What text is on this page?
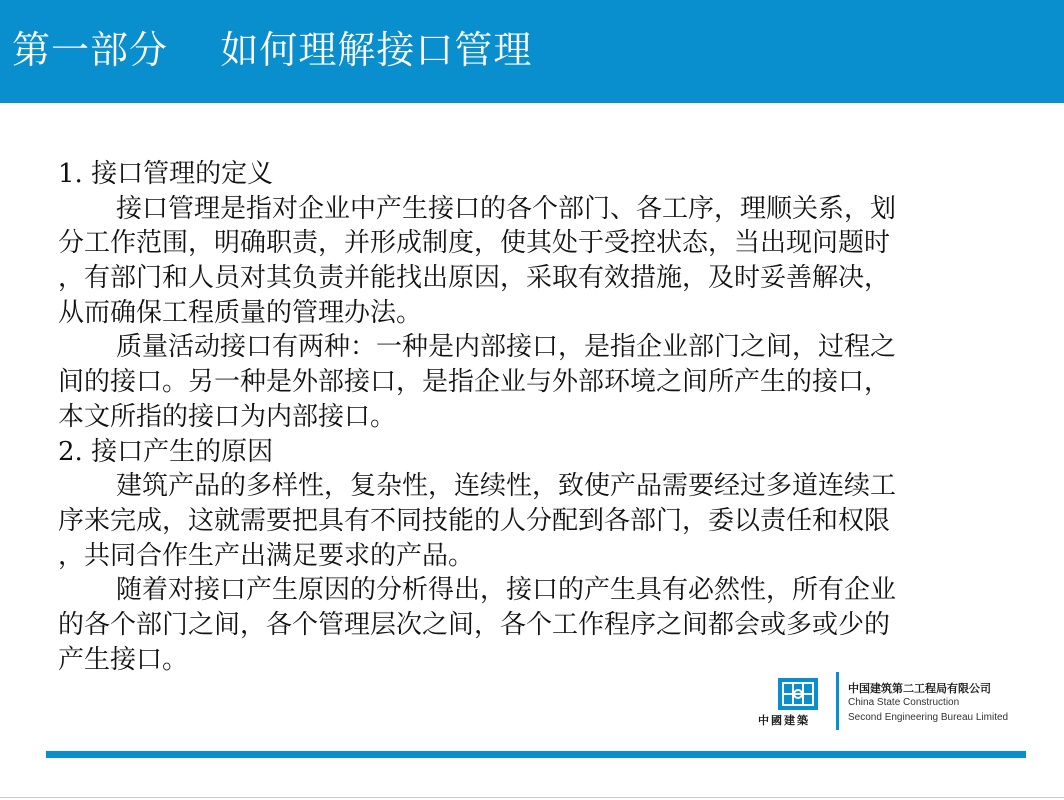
第一部分    如何理解接口管理
1. 接口管理的定义
接口管理是指对企业中产生接口的各个部门、各工序，理顺关系，划
分工作范围，明确职责，并形成制度，使其处于受控状态，当出现问题时
，有部门和人员对其负责并能找出原因，采取有效措施，及时妥善解决，
从而确保工程质量的管理办法。
质量活动接口有两种：一种是内部接口，是指企业部门之间，过程之
间的接口。另一种是外部接口，是指企业与外部环境之间所产生的接口，
本文所指的接口为内部接口。
2. 接口产生的原因
建筑产品的多样性，复杂性，连续性，致使产品需要经过多道连续工
序来完成，这就需要把具有不同技能的人分配到各部门，委以责任和权限
，共同合作生产出满足要求的产品。
随着对接口产生原因的分析得出，接口的产生具有必然性，所有企业
的各个部门之间，各个管理层次之间，各个工作程序之间都会或多或少的
产生接口。
中國建築
中国建筑第二工程局有限公司
China State Construction
Second Engineering Bureau Limited
